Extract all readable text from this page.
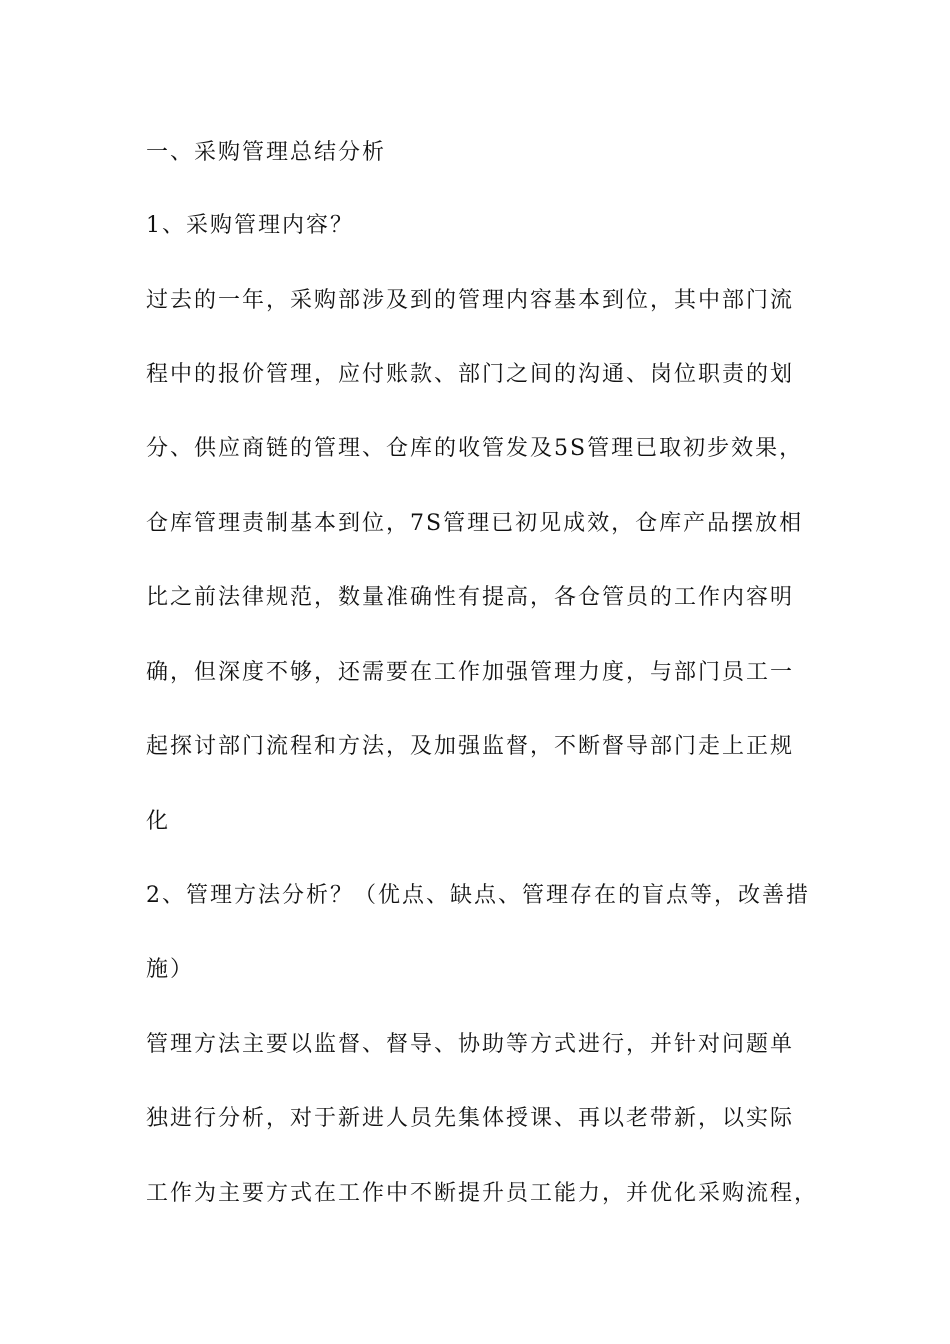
一、采购管理总结分析
1、采购管理内容？
过去的一年，采购部涉及到的管理内容基本到位，其中部门流
程中的报价管理，应付账款、部门之间的沟通、岗位职责的划
分、供应商链的管理、仓库的收管发及5S管理已取初步效果，
仓库管理责制基本到位，7S管理已初见成效，仓库产品摆放相
比之前法律规范，数量准确性有提高，各仓管员的工作内容明
确，但深度不够，还需要在工作加强管理力度，与部门员工一
起探讨部门流程和方法，及加强监督，不断督导部门走上正规
化
2、管理方法分析？（优点、缺点、管理存在的盲点等，改善措
施）
管理方法主要以监督、督导、协助等方式进行，并针对问题单
独进行分析，对于新进人员先集体授课、再以老带新，以实际
工作为主要方式在工作中不断提升员工能力，并优化采购流程，
